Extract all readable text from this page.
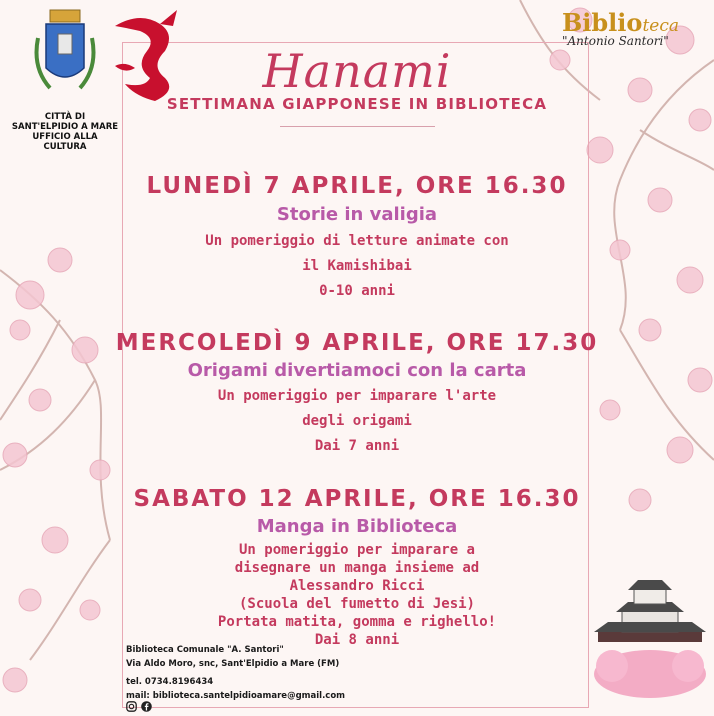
CITTÀ DI
SANT'ELPIDIO A MARE
UFFICIO ALLA
CULTURA
Biblioteca
"Antonio Santori"
Hanami
SETTIMANA GIAPPONESE IN BIBLIOTECA
LUNEDÌ 7 APRILE, ORE 16.30
Storie in valigia
Un pomeriggio di letture animate con
il Kamishibai
0-10 anni
MERCOLEDÌ 9 APRILE, ORE 17.30
Origami divertiamoci con la carta
Un pomeriggio per imparare l'arte
degli origami
Dai 7 anni
SABATO 12 APRILE, ORE 16.30
Manga in Biblioteca
Un pomeriggio per imparare a
disegnare un manga insieme ad
Alessandro Ricci
(Scuola del fumetto di Jesi)
Portata matita, gomma e righello!
Dai 8 anni
Biblioteca Comunale "A. Santori"
Via Aldo Moro, snc, Sant'Elpidio a Mare (FM)
tel. 0734.8196434
mail: biblioteca.santelpidioamare@gmail.com
